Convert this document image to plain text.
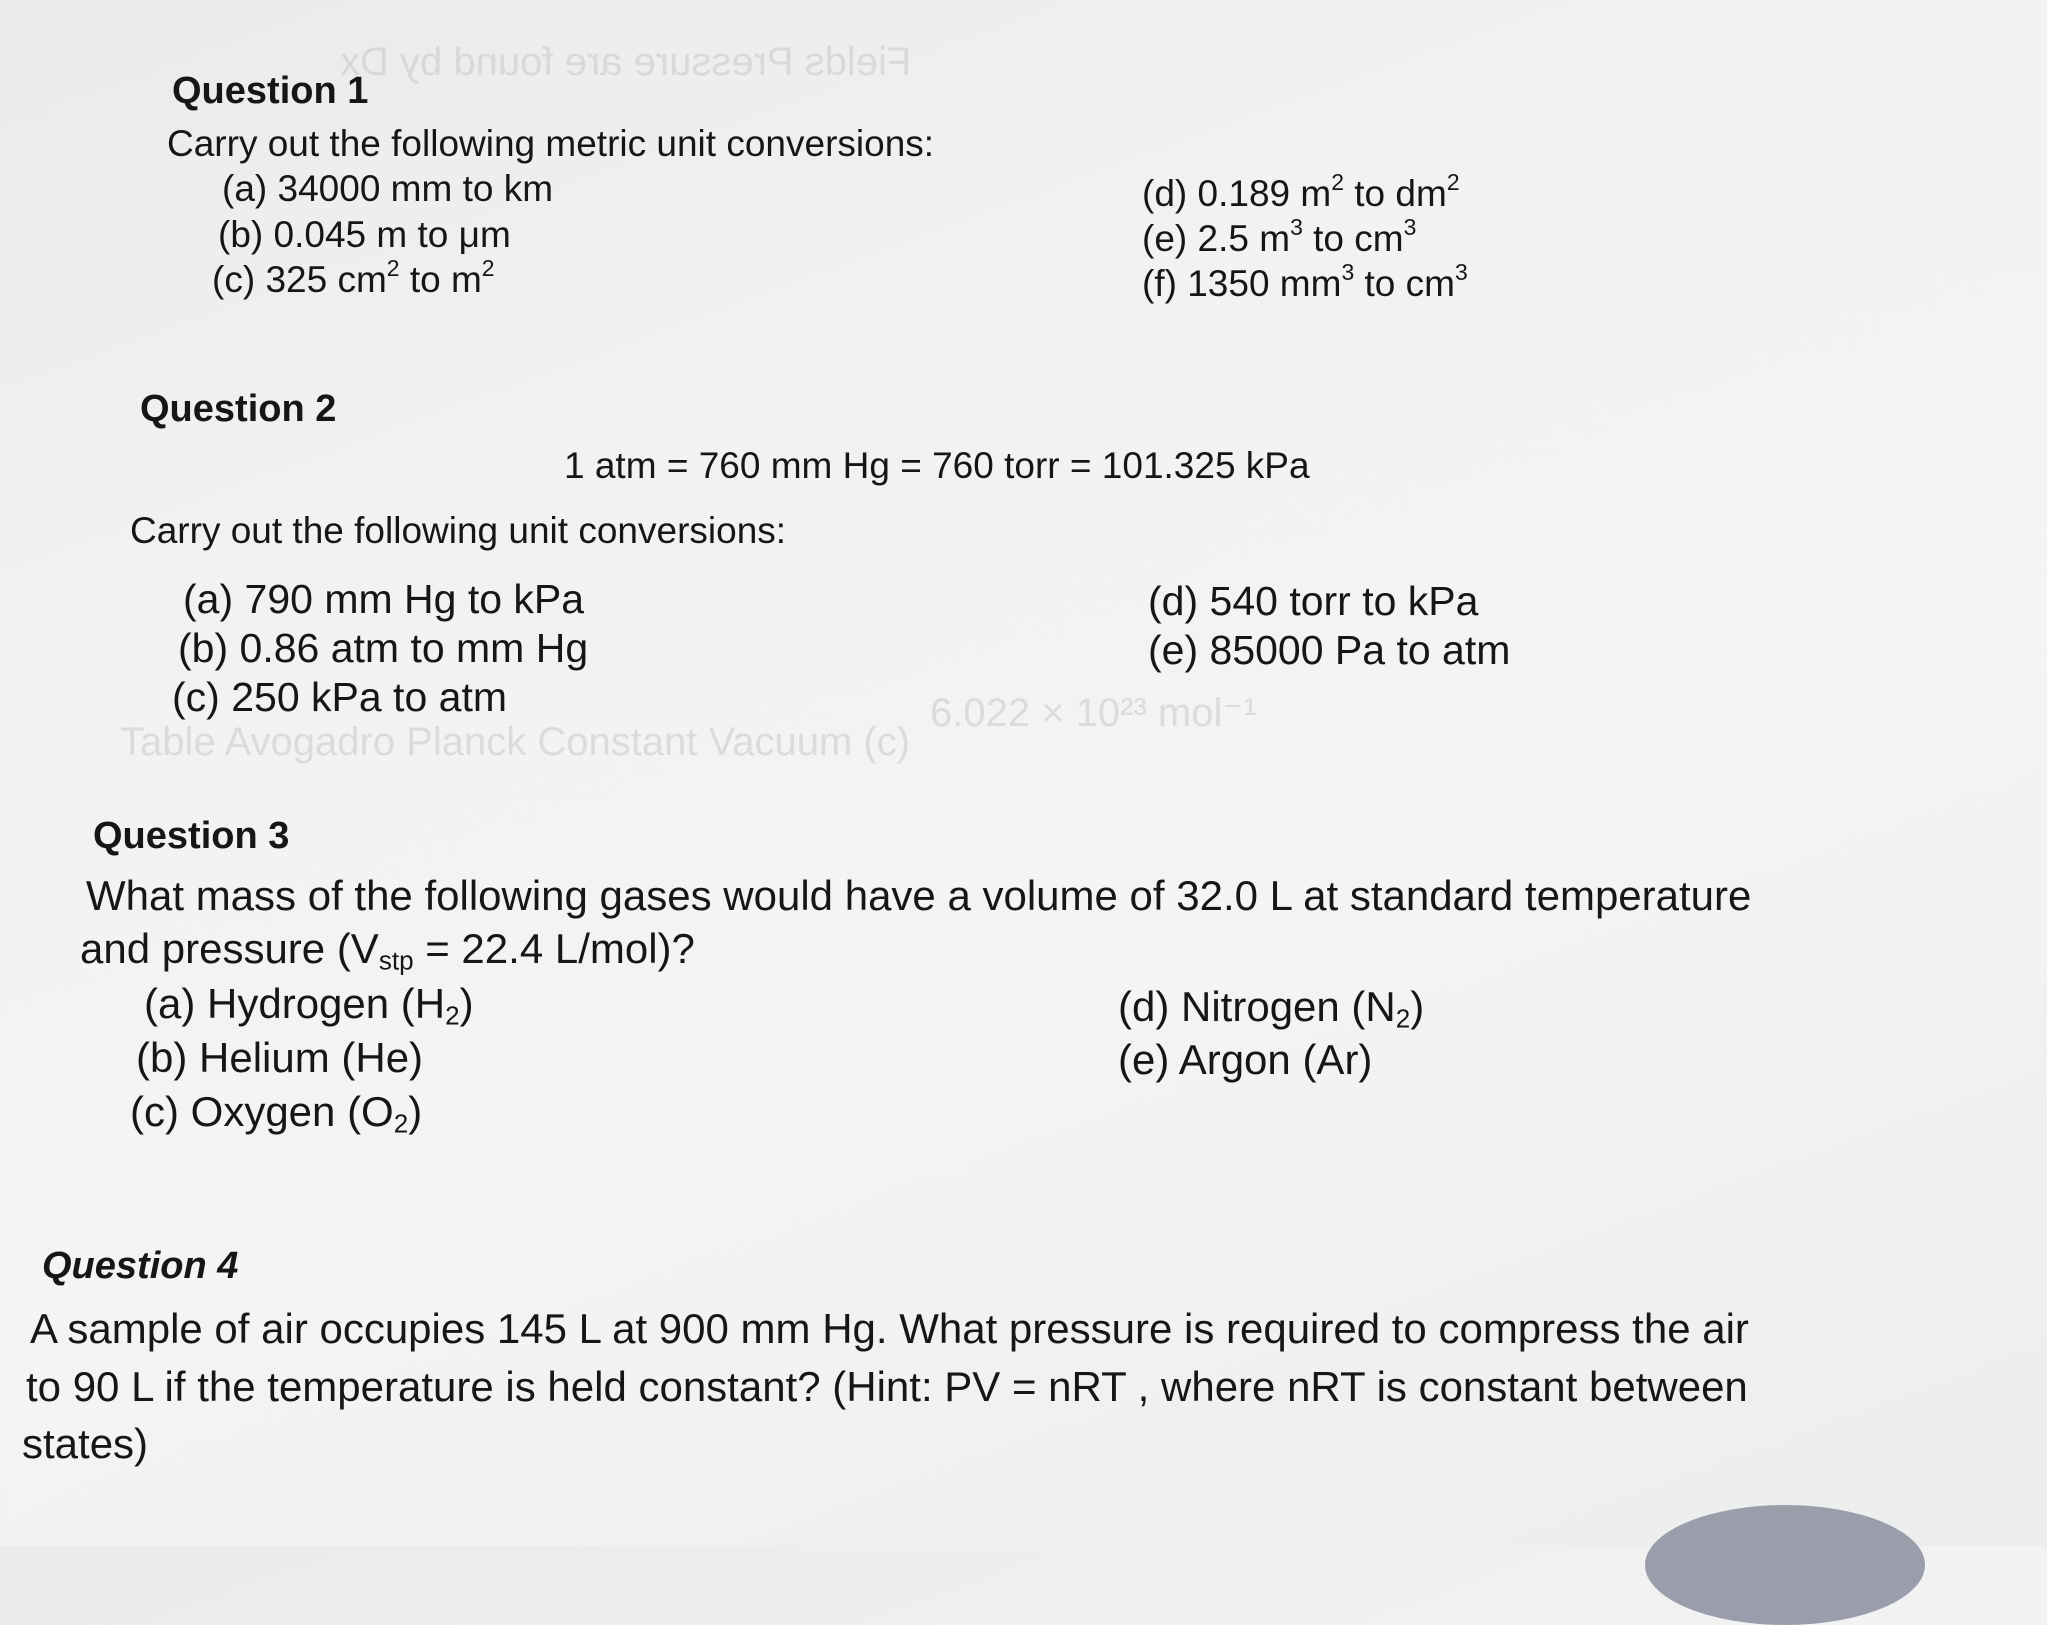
Fields Pressure are found by Dx
Table Avogadro Planck Constant Vacuum (c)
6.022 × 10²³ mol⁻¹
Question 1
Carry out the following metric unit conversions:
(a) 34000 mm to km
(b) 0.045 m to μm
(c) 325 $cm^2$ to $m^2$
(d) 0.189 $m^2$ to $dm^2$
(e) 2.5 $m^3$ to $cm^3$
(f) 1350 $mm^3$ to $cm^3$
Question 2
1 atm = 760 mm Hg = 760 torr = 101.325 kPa
Carry out the following unit conversions:
(a) 790 mm Hg to kPa
(b) 0.86 atm to mm Hg
(c) 250 kPa to atm
(d) 540 torr to kPa
(e) 85000 Pa to atm
Question 3
What mass of the following gases would have a volume of 32.0 L at standard temperature
and pressure ($V_{stp} = 22.4$ L/mol)?
(a) Hydrogen $(H_2)$
(b) Helium (He)
(c) Oxygen $(O_2)$
(d) Nitrogen $(N_2)$
(e) Argon (Ar)
Question 4
A sample of air occupies 145 L at 900 mm Hg. What pressure is required to compress the air
to 90 L if the temperature is held constant? (Hint: PV = nRT , where nRT is constant between
states)
